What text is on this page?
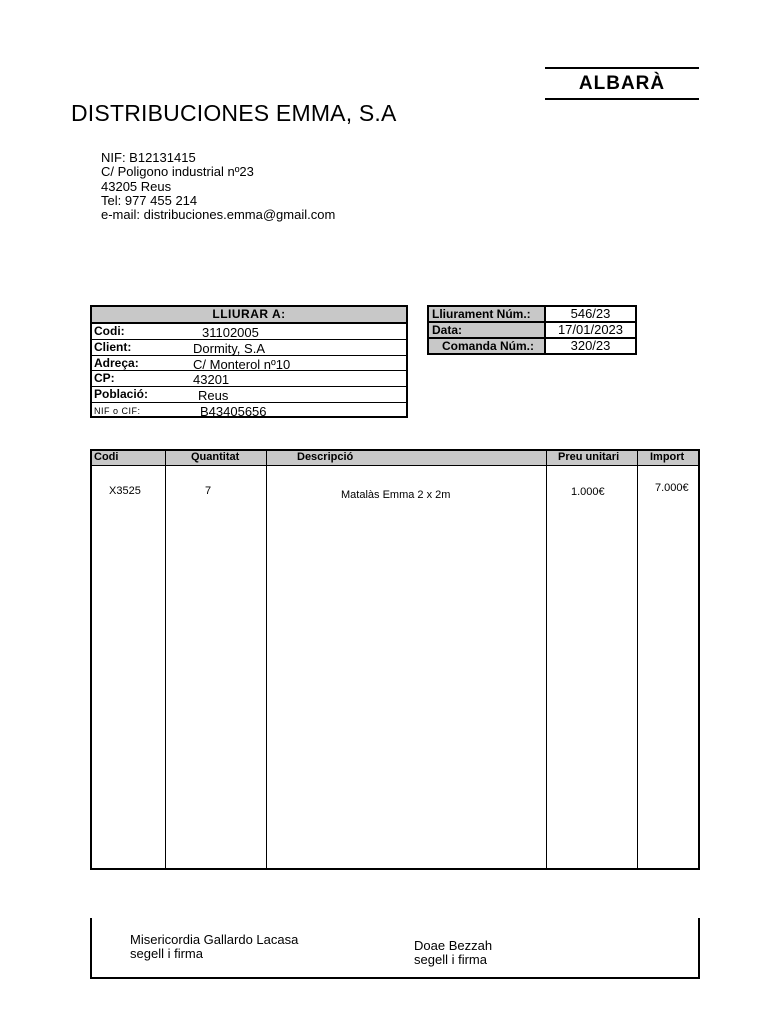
ALBARÀ
DISTRIBUCIONES EMMA, S.A
NIF: B12131415
C/ Poligono industrial nº23
43205 Reus
Tel: 977 455 214
e-mail: distribuciones.emma@gmail.com
LLIURAR A:
Codi:	31102005
Client:	Dormity, S.A
Adreça:	C/ Monterol nº10
CP:	43201
Població:	Reus
NIF o CIF:	B43405656
Lliurament Núm.:	546/23
Data:	17/01/2023
Comanda Núm.:	320/23
Codi	Quantitat	Descripció	Preu unitari	Import
X3525	7	Matalàs Emma 2 x 2m	1.000€	7.000€
Misericordia Gallardo Lacasa
segell i firma	Doae Bezzah
segell i firma
